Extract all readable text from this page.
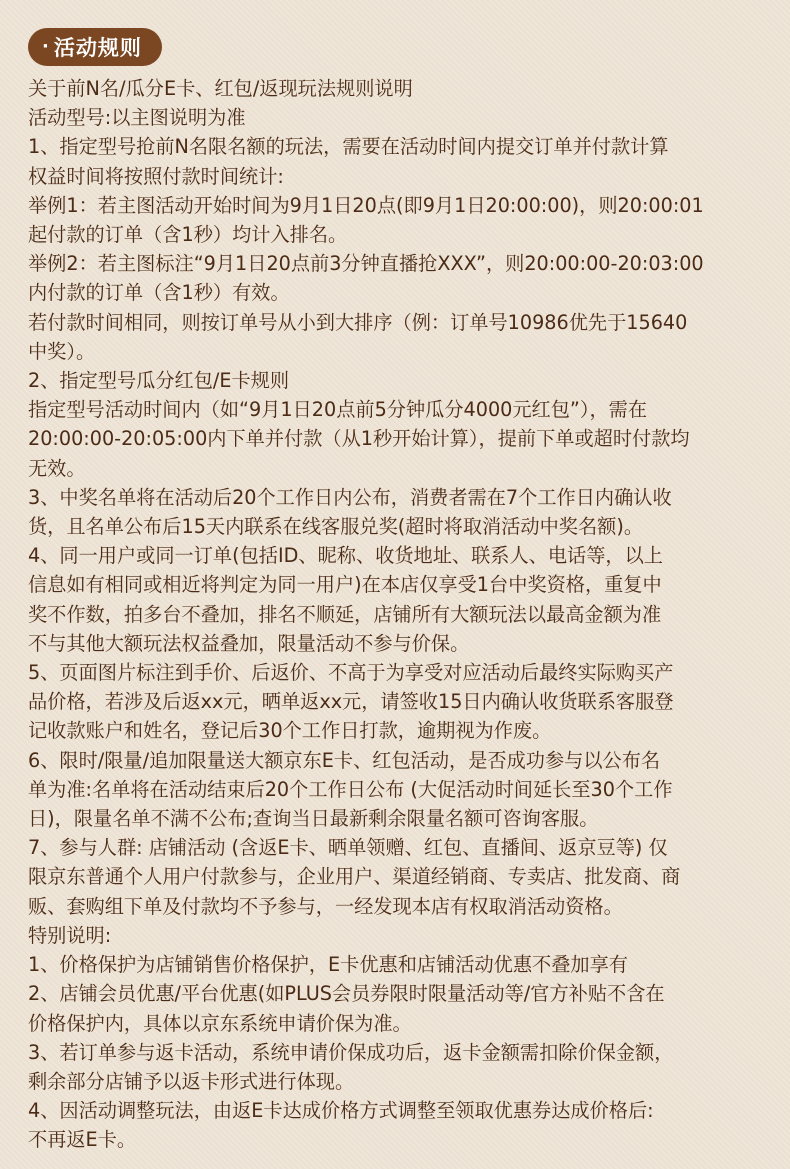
· 活动规则
关于前N名/瓜分E卡、红包/返现玩法规则说明
活动型号:以主图说明为准
1、指定型号抢前N名限名额的玩法，需要在活动时间内提交订单并付款计算
权益时间将按照付款时间统计:
举例1：若主图活动开始时间为9月1日20点(即9月1日20:00:00)，则20:00:01
起付款的订单（含1秒）均计入排名。
举例2：若主图标注“9月1日20点前3分钟直播抢XXX”，则20:00:00-20:03:00
内付款的订单（含1秒）有效。
若付款时间相同，则按订单号从小到大排序（例：订单号10986优先于15640
中奖）。
2、指定型号瓜分红包/E卡规则
指定型号活动时间内（如“9月1日20点前5分钟瓜分4000元红包”），需在
20:00:00-20:05:00内下单并付款（从1秒开始计算），提前下单或超时付款均
无效。
3、中奖名单将在活动后20个工作日内公布，消费者需在7个工作日内确认收
货，且名单公布后15天内联系在线客服兑奖(超时将取消活动中奖名额)。
4、同一用户或同一订单(包括ID、昵称、收货地址、联系人、电话等，以上
信息如有相同或相近将判定为同一用户)在本店仅享受1台中奖资格，重复中
奖不作数，拍多台不叠加，排名不顺延，店铺所有大额玩法以最高金额为准
不与其他大额玩法权益叠加，限量活动不参与价保。
5、页面图片标注到手价、后返价、不高于为享受对应活动后最终实际购买产
品价格，若涉及后返xx元，晒单返xx元，请签收15日内确认收货联系客服登
记收款账户和姓名，登记后30个工作日打款，逾期视为作废。
6、限时/限量/追加限量送大额京东E卡、红包活动，是否成功参与以公布名
单为准:名单将在活动结束后20个工作日公布 (大促活动时间延长至30个工作
日)，限量名单不满不公布;查询当日最新剩余限量名额可咨询客服。
7、参与人群: 店铺活动 (含返E卡、晒单领赠、红包、直播间、返京豆等) 仅
限京东普通个人用户付款参与，企业用户、渠道经销商、专卖店、批发商、商
贩、套购组下单及付款均不予参与，一经发现本店有权取消活动资格。
特别说明:
1、价格保护为店铺销售价格保护，E卡优惠和店铺活动优惠不叠加享有
2、店铺会员优惠/平台优惠(如PLUS会员券限时限量活动等/官方补贴不含在
价格保护内，具体以京东系统申请价保为准。
3、若订单参与返卡活动，系统申请价保成功后，返卡金额需扣除价保金额，
剩余部分店铺予以返卡形式进行体现。
4、因活动调整玩法，由返E卡达成价格方式调整至领取优惠券达成价格后:
不再返E卡。
